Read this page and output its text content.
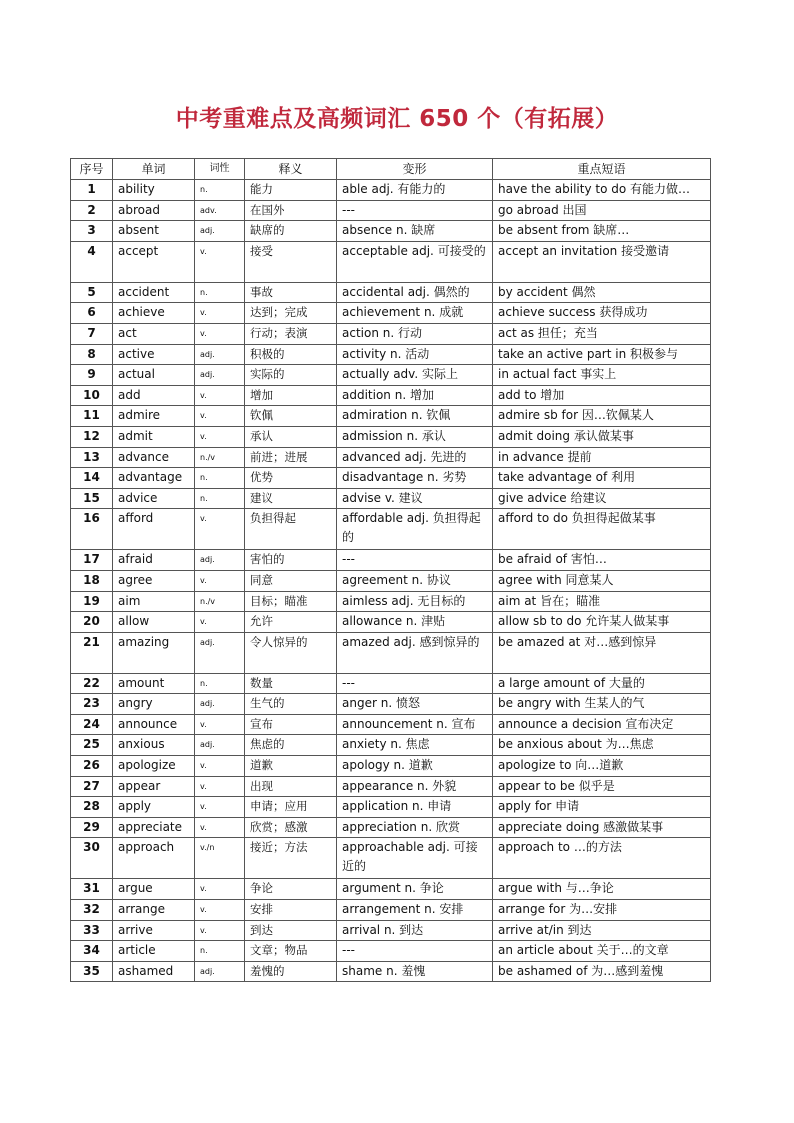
中考重难点及高频词汇 650 个（有拓展）
序号	单词	词性	释义	变形	重点短语
1	ability	n.	能力	able adj. 有能力的	have the ability to do 有能力做…
2	abroad	adv.	在国外	---	go abroad 出国
3	absent	adj.	缺席的	absence n. 缺席	be absent from 缺席…
4	accept	v.	接受	acceptable adj. 可接受的	accept an invitation 接受邀请
5	accident	n.	事故	accidental adj. 偶然的	by accident 偶然
6	achieve	v.	达到；完成	achievement n. 成就	achieve success 获得成功
7	act	v.	行动；表演	action n. 行动	act as 担任；充当
8	active	adj.	积极的	activity n. 活动	take an active part in 积极参与
9	actual	adj.	实际的	actually adv. 实际上	in actual fact 事实上
10	add	v.	增加	addition n. 增加	add to 增加
11	admire	v.	钦佩	admiration n. 钦佩	admire sb for 因…钦佩某人
12	admit	v.	承认	admission n. 承认	admit doing 承认做某事
13	advance	n./v	前进；进展	advanced adj. 先进的	in advance 提前
14	advantage	n.	优势	disadvantage n. 劣势	take advantage of 利用
15	advice	n.	建议	advise v. 建议	give advice 给建议
16	afford	v.	负担得起	affordable adj. 负担得起的	afford to do 负担得起做某事
17	afraid	adj.	害怕的	---	be afraid of 害怕…
18	agree	v.	同意	agreement n. 协议	agree with 同意某人
19	aim	n./v	目标；瞄准	aimless adj. 无目标的	aim at 旨在；瞄准
20	allow	v.	允许	allowance n. 津贴	allow sb to do 允许某人做某事
21	amazing	adj.	令人惊异的	amazed adj. 感到惊异的	be amazed at 对…感到惊异
22	amount	n.	数量	---	a large amount of 大量的
23	angry	adj.	生气的	anger n. 愤怒	be angry with 生某人的气
24	announce	v.	宣布	announcement n. 宣布	announce a decision 宣布决定
25	anxious	adj.	焦虑的	anxiety n. 焦虑	be anxious about 为…焦虑
26	apologize	v.	道歉	apology n. 道歉	apologize to 向…道歉
27	appear	v.	出现	appearance n. 外貌	appear to be 似乎是
28	apply	v.	申请；应用	application n. 申请	apply for 申请
29	appreciate	v.	欣赏；感激	appreciation n. 欣赏	appreciate doing 感激做某事
30	approach	v./n	接近；方法	approachable adj. 可接近的	approach to …的方法
31	argue	v.	争论	argument n. 争论	argue with 与…争论
32	arrange	v.	安排	arrangement n. 安排	arrange for 为…安排
33	arrive	v.	到达	arrival n. 到达	arrive at/in 到达
34	article	n.	文章；物品	---	an article about 关于…的文章
35	ashamed	adj.	羞愧的	shame n. 羞愧	be ashamed of 为…感到羞愧
